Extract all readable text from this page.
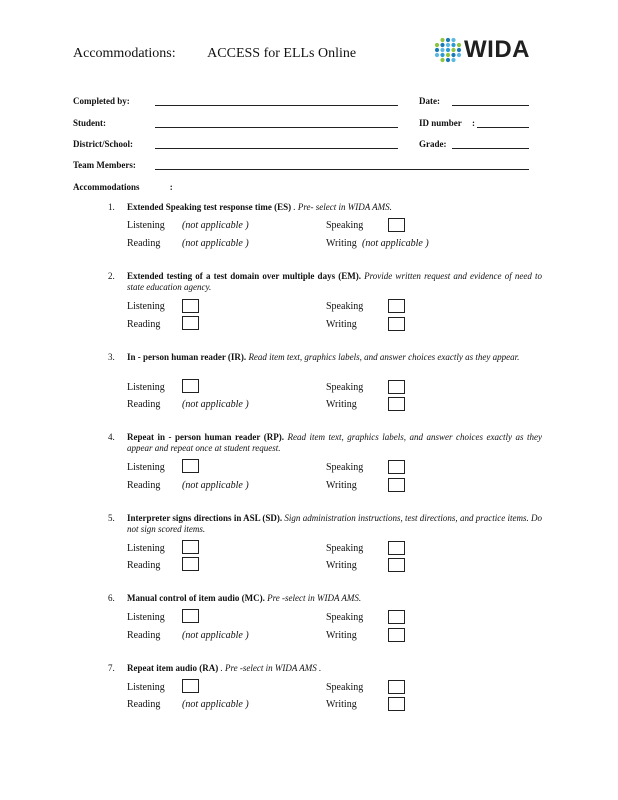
Accommodations: ACCESS for ELLs Online	WIDA
Completed by:	Date:
Student:	ID number :
District/School:	Grade:
Team Members:
Accommodations	:
1. Extended Speaking test response time (ES) . Pre- select in WIDA AMS.
Listening (not applicable )	Speaking
Reading (not applicable )	Writing (not applicable )
2. Extended testing of a test domain over multiple days (EM). Provide written request and evidence of need to state education agency.
Listening	Speaking
Reading	Writing
3. In - person human reader (IR). Read item text, graphics labels, and answer choices exactly as they appear.
Listening	Speaking
Reading (not applicable )	Writing
4. Repeat in - person human reader (RP). Read item text, graphics labels, and answer choices exactly as they appear and repeat once at student request.
Listening	Speaking
Reading (not applicable )	Writing
5. Interpreter signs directions in ASL (SD). Sign administration instructions, test directions, and practice items. Do not sign scored items.
Listening	Speaking
Reading	Writing
6. Manual control of item audio (MC). Pre -select in WIDA AMS.
Listening	Speaking
Reading (not applicable )	Writing
7. Repeat item audio (RA) . Pre -select in WIDA AMS .
Listening	Speaking
Reading (not applicable )	Writing
